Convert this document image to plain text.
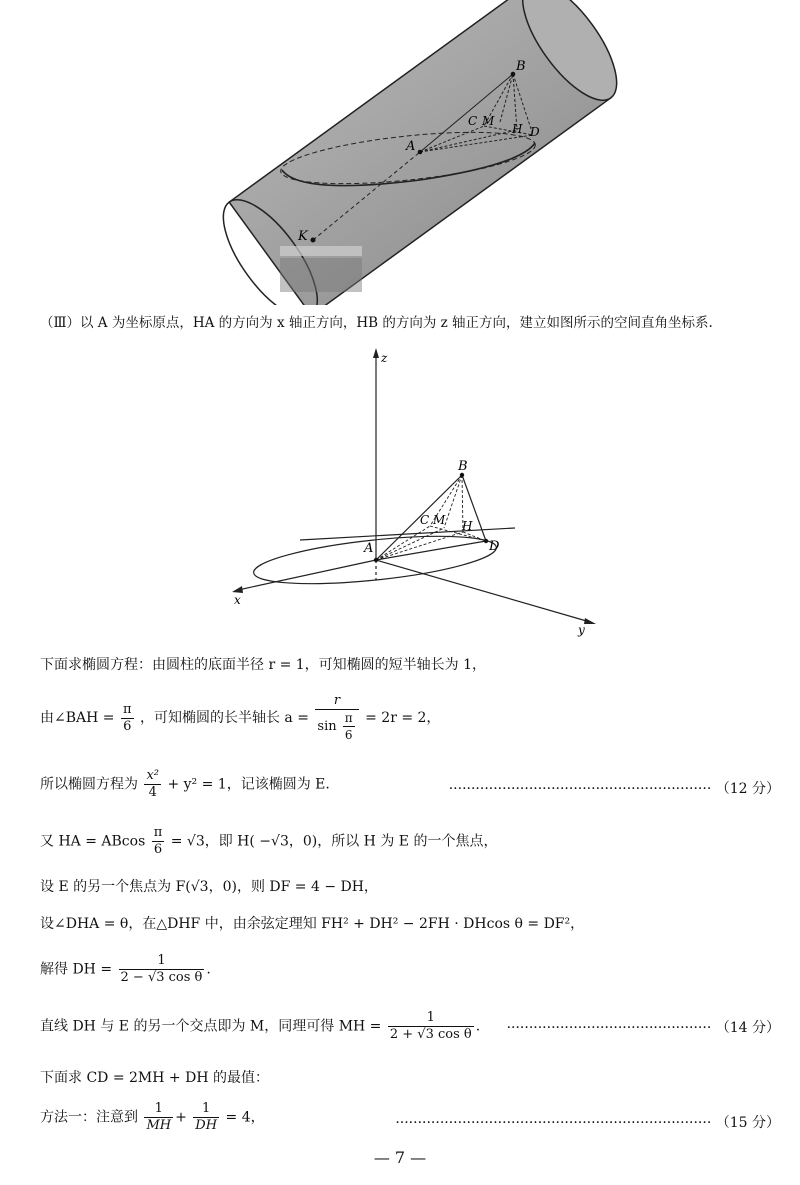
B
C M
H D
A
K
（Ⅲ）以 A 为坐标原点，HA 的方向为 x 轴正方向，HB 的方向为 z 轴正方向，建立如图所示的空间直角坐标系.
z
x
y
B
C M H
A	D
下面求椭圆方程：由圆柱的底面半径 r = 1，可知椭圆的短半轴长为 1，
由∠BAH = $\frac{\pi}{6}$ ，可知椭圆的长半轴长 $a = \frac{r}{\sin \frac{\pi}{6}} = 2r = 2$，
所以椭圆方程为 $\frac{\text{x²}}{4} + y^2 = 1$，记该椭圆为 E.	··························································· （12 分）
又 HA = ABcos $\frac{\pi}{6} = √3$，即 H( −√3，0)，所以 H 为 E 的一个焦点，
设 E 的另一个焦点为 F(√3，0)，则 DF = 4 − DH，
设∠DHA = θ，在△DHF 中，由余弦定理知 FH² + DH² − 2FH · DHcos θ = DF²，
解得 DH = $\frac{1}{\text{2 − √3 cos θ}}$ .
直线 DH 与 E 的另一个交点即为 M，同理可得 MH = $\frac{1}{\text{2 + √3 cos θ}}$ .	·············································· （14 分）
下面求 CD = 2MH + DH 的最值：
方法一：注意到 $\frac{1}{MH} + \frac{1}{DH} = 4$，	······································································· （15 分）
— 7 —
